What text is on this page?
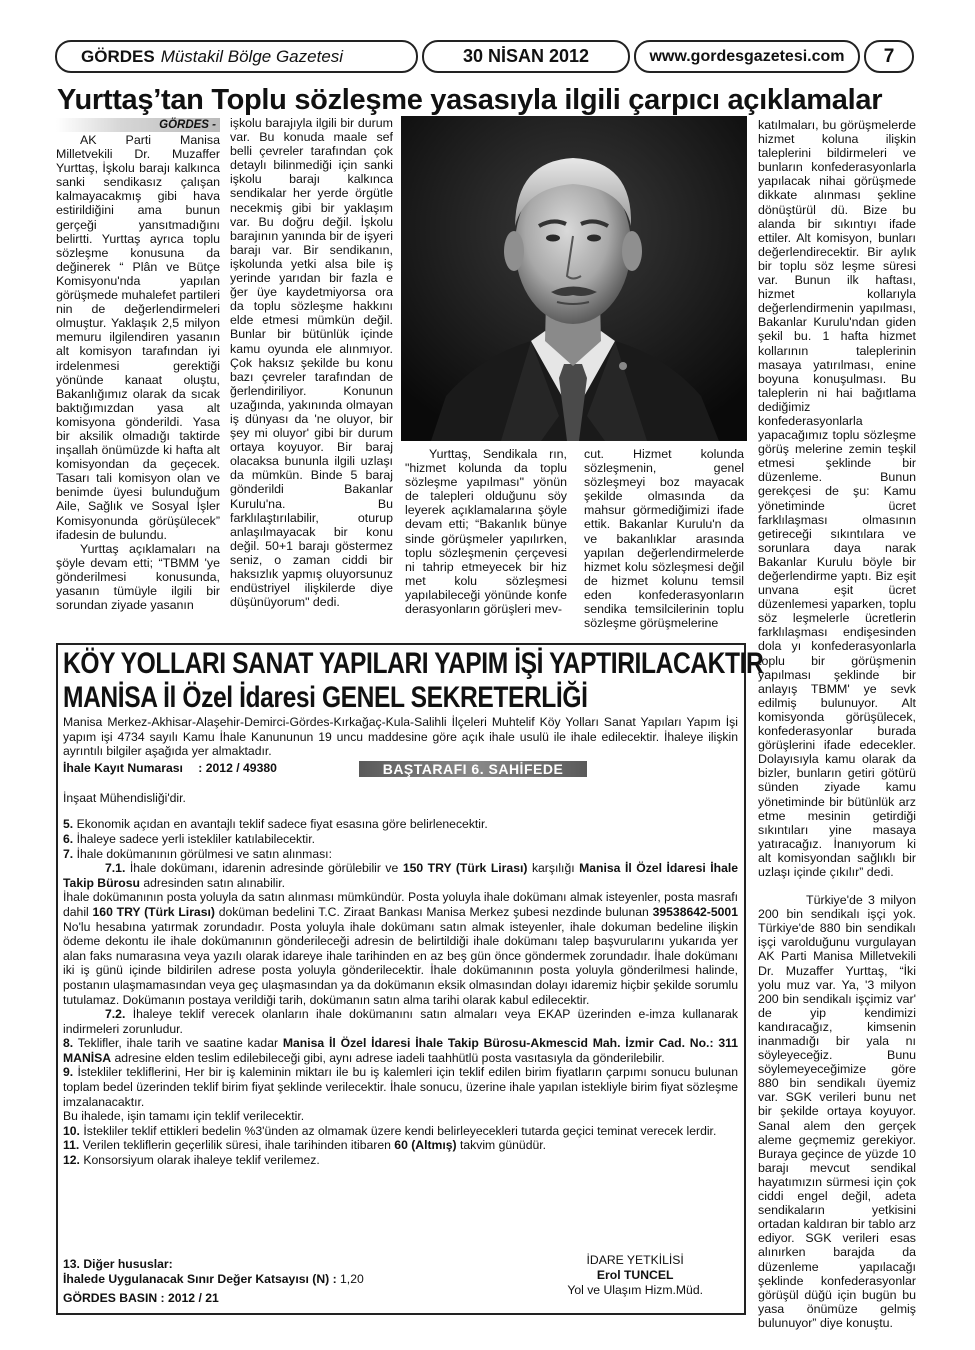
GÖRDES Müstakil Bölge Gazetesi	30 NİSAN 2012	www.gordesgazetesi.com	7
Yurttaş’tan Toplu sözleşme yasasıyla ilgili çarpıcı açıklamalar
GÖRDES -

AK Parti Manisa Milletvekili Dr. Muzaffer Yurttaş, İşkolu barajı kalkınca sanki sendikasız çalışan kalmayacakmış gibi hava estirildiğini ama bunun gerçeği yansıtmadığını belirtti. Yurttaş ayrıca toplu sözleşme konusuna da değinerek “ Plân ve Bütçe Komisyonu'nda yapılan görüşmede muhalefet partileri nin de değerlendirmeleri olmuştur. Yaklaşık 2,5 milyon memuru ilgilendiren yasanın alt komisyon tarafından iyi irdelenmesi gerektiği yönünde kanaat oluştu, Bakanlığımız olarak da sıcak baktığımızdan yasa alt komisyona gönderildi. Yasa bir aksilik olmadığı taktirde inşallah önümüzde ki hafta alt komisyondan da geçecek. Tasarı tali komisyon olan ve benimde üyesi bulunduğum Aile, Sağlık ve Sosyal İşler Komisyonunda görüşülecek” ifadesin de bulundu.

Yurttaş açıklamaları na şöyle devam etti; “TBMM 'ye gönderilmesi konusunda, yasanın tümüyle ilgili bir sorundan ziyade yasanın

işkolu barajıyla ilgili bir durum var. Bu konuda maale sef belli çevreler tarafından çok detaylı bilinmediği için sanki işkolu barajı kalkınca sendikalar her yerde örgütle necekmiş gibi bir yaklaşım var. Bu doğru değil. İşkolu barajının yanında bir de işyeri barajı var. Bir sendikanın, işkolunda yetki alsa bile iş yerinde yarıdan bir fazla e ğer üye kaydetmiyorsa ora da toplu sözleşme hakkını elde etmesi mümkün değil. Bunlar bir bütünlük içinde kamu oyunda ele alınmıyor. Çok haksız şekilde bu konu bazı çevreler tarafından de ğerlendiriliyor. Konunun uzağında, yakınında olmayan iş dünyası da 'ne oluyor, bir şey mi oluyor' gibi bir durum ortaya koyuyor. Bir baraj olacaksa bununla ilgili uzlaşı da mümkün. Binde 5 baraj gönderildi Bakanlar Kurulu'na. Bu farklılaştırılabilir, oturup anlaşılmayacak bir konu değil. 50+1 barajı göstermez seniz, o zaman ciddi bir haksızlık yapmış oluyorsunuz endüstriyel ilişkilerde diye düşünüyorum" dedi.

Yurttaş, Sendikala rın, "hizmet kolunda da toplu sözleşme yapılması" yönün de talepleri olduğunu söy leyerek açıklamalarına şöyle devam etti; “Bakanlık bünye sinde görüşmeler yapılırken, toplu sözleşmenin çerçevesi ni tahrip etmeyecek bir hiz met kolu sözleşmesi yapılabileceği yönünde konfe derasyonların görüşleri mev-

cut. Hizmet kolunda sözleşmenin, genel sözleşmeyi boz mayacak şekilde olmasında da mahsur görmediğimizi ifade ettik. Bakanlar Kurulu'n da ve bakanlıklar arasında yapılan değerlendirmelerde hizmet kolu sözleşmesi değil de hizmet kolunu temsil eden konfederasyonların sendika temsilcilerinin toplu sözleşme görüşmelerine

katılmaları, bu görüşmelerde hizmet koluna ilişkin taleplerini bildirmeleri ve bunların konfederasyonlarla yapılacak nihai görüşmede dikkate alınması şekline dönüştürül dü. Bize bu alanda bir sıkıntıyı ifade ettiler. Alt komisyon, bunları değerlendirecektir. Bir aylık bir toplu söz leşme süresi var. Bunun ilk haftası, hizmet kollarıyla değerlendirmenin yapılması, Bakanlar Kurulu'ndan giden şekil bu. 1 hafta hizmet kollarının taleplerinin masaya yatırılması, enine boyuna konuşulması. Bu taleplerin ni hai bağıtlama dediğimiz konfederasyonlarla yapacağımız toplu sözleşme görüş melerine zemin teşkil etmesi şeklinde bir düzenleme. Bunun gerekçesi de şu: Kamu yönetiminde ücret farklılaşması olmasının getireceği sıkıntılara ve sorunlara daya narak Bakanlar Kurulu böyle bir değerlendirme yaptı. Biz eşit unvana eşit ücret düzenlemesi yaparken, toplu söz leşmelerle ücretlerin farklılaşması endişesinden dola yı konfederasyonlarla toplu bir görüşmenin yapılması şeklinde bir anlayış TBMM' ye sevk edilmiş bulunuyor. Alt komisyonda görüşülecek, konfederasyonlar burada görüşlerini ifade edecekler. Dolayısıyla kamu olarak da bizler, bunların getiri götürü sünden ziyade kamu yönetiminde bir bütünlük arz etme mesinin getirdiği sıkıntıları yine masaya yatıracağız. İnanıyorum ki alt komisyondan sağlıklı bir uzlaşı içinde çıkılır” dedi.

Türkiye'de 3 milyon 200 bin sendikalı işçi yok. Türkiye'de 880 bin sendikalı işçi varolduğunu vurgulayan AK Parti Manisa Milletvekili Dr. Muzaffer Yurttaş, “İki yolu muz var. Ya, '3 milyon 200 bin sendikalı işçimiz var' de yip kendimizi kandıracağız, kimsenin inanmadığı bir yala nı söyleyeceğiz. Bunu söylemeyeceğimize göre 880 bin sendikalı üyemiz var. SGK verileri bunu net bir şekilde ortaya koyuyor. Sanal alem den gerçek aleme geçmemiz gerekiyor. Buraya geçince de yüzde 10 barajı mevcut sendikal hayatımızın sürmesi için çok ciddi engel değil, adeta sendikaların yetkisini ortadan kaldıran bir tablo arz ediyor. SGK verileri esas alınırken barajda da düzenleme yapılacağı şeklinde konfederasyonlar görüşül düğü için bugün bu yasa önümüze gelmiş bulunuyor” diye konuştu.

KÖY YOLLARI SANAT YAPILARI YAPIM İŞİ YAPTIRILACAKTIR
MANİSA İl Özel İdaresi GENEL SEKRETERLİĞİ

Manisa Merkez-Akhisar-Alaşehir-Demirci-Gördes-Kırkağaç-Kula-Salihli İlçeleri Muhtelif Köy Yolları Sanat Yapıları Yapım İşi yapım işi 4734 sayılı Kamu İhale Kanununun 19 uncu maddesine göre açık ihale usulü ile ihale edilecektir. İhaleye ilişkin ayrıntılı bilgiler aşağıda yer almaktadır.

İhale Kayıt Numarası : 2012 / 49380	BAŞTARAFI 6. SAHİFEDE

İnşaat Mühendisliği'dir.

5. Ekonomik açıdan en avantajlı teklif sadece fiyat esasına göre belirlenecektir.

6. İhaleye sadece yerli istekliler katılabilecektir.

7. İhale dokümanının görülmesi ve satın alınması:

7.1. İhale dokümanı, idarenin adresinde görülebilir ve 150 TRY (Türk Lirası) karşılığı Manisa İl Özel İdaresi İhale Takip Bürosu adresinden satın alınabilir.

İhale dokümanının posta yoluyla da satın alınması mümkündür. Posta yoluyla ihale dokümanı almak isteyenler, posta masrafı dahil 160 TRY (Türk Lirası) doküman bedelini T.C. Ziraat Bankası Manisa Merkez şubesi nezdinde bulunan 39538642-5001 No'lu hesabına yatırmak zorundadır. Posta yoluyla ihale dokümanı satın almak isteyenler, ihale dokuman bedeline ilişkin ödeme dekontu ile ihale dokümanının gönderileceği adresin de belirtildiği ihale dokümanı talep başvurularını yukarıda yer alan faks numarasına veya yazılı olarak idareye ihale tarihinden en az beş gün önce göndermek zorundadır. İhale dokümanı iki iş günü içinde bildirilen adrese posta yoluyla gönderilecektir. İhale dokümanının posta yoluyla gönderilmesi halinde, postanın ulaşmamasından veya geç ulaşmasından ya da dokümanın eksik olmasından dolayı idaremiz hiçbir şekilde sorumlu tutulamaz. Dokümanın postaya verildiği tarih, dokümanın satın alma tarihi olarak kabul edilecektir.

7.2. İhaleye teklif verecek olanların ihale dokümanını satın almaları veya EKAP üzerinden e-imza kullanarak indirmeleri zorunludur.

8. Teklifler, ihale tarih ve saatine kadar Manisa İl Özel İdaresi İhale Takip Bürosu-Akmescid Mah. İzmir Cad. No.: 311 MANİSA adresine elden teslim edilebileceği gibi, aynı adrese iadeli taahhütlü posta vasıtasıyla da gönderilebilir.

9. İstekliler tekliflerini, Her bir iş kaleminin miktarı ile bu iş kalemleri için teklif edilen birim fiyatların çarpımı sonucu bulunan toplam bedel üzerinden teklif birim fiyat şeklinde verilecektir. İhale sonucu, üzerine ihale yapılan istekliyle birim fiyat sözleşme imzalanacaktır.

Bu ihalede, işin tamamı için teklif verilecektir.

10. İstekliler teklif ettikleri bedelin %3'ünden az olmamak üzere kendi belirleyecekleri tutarda geçici teminat verecek lerdir.

11. Verilen tekliflerin geçerlilik süresi, ihale tarihinden itibaren 60 (Altmış) takvim günüdür.

12. Konsorsiyum olarak ihaleye teklif verilemez.

13. Diğer hususlar:
İhalede Uygulanacak Sınır Değer Katsayısı (N) : 1,20
GÖRDES BASIN : 2012 / 21
İDARE YETKİLİSİ
Erol TUNCEL
Yol ve Ulaşım Hizm.Müd.
